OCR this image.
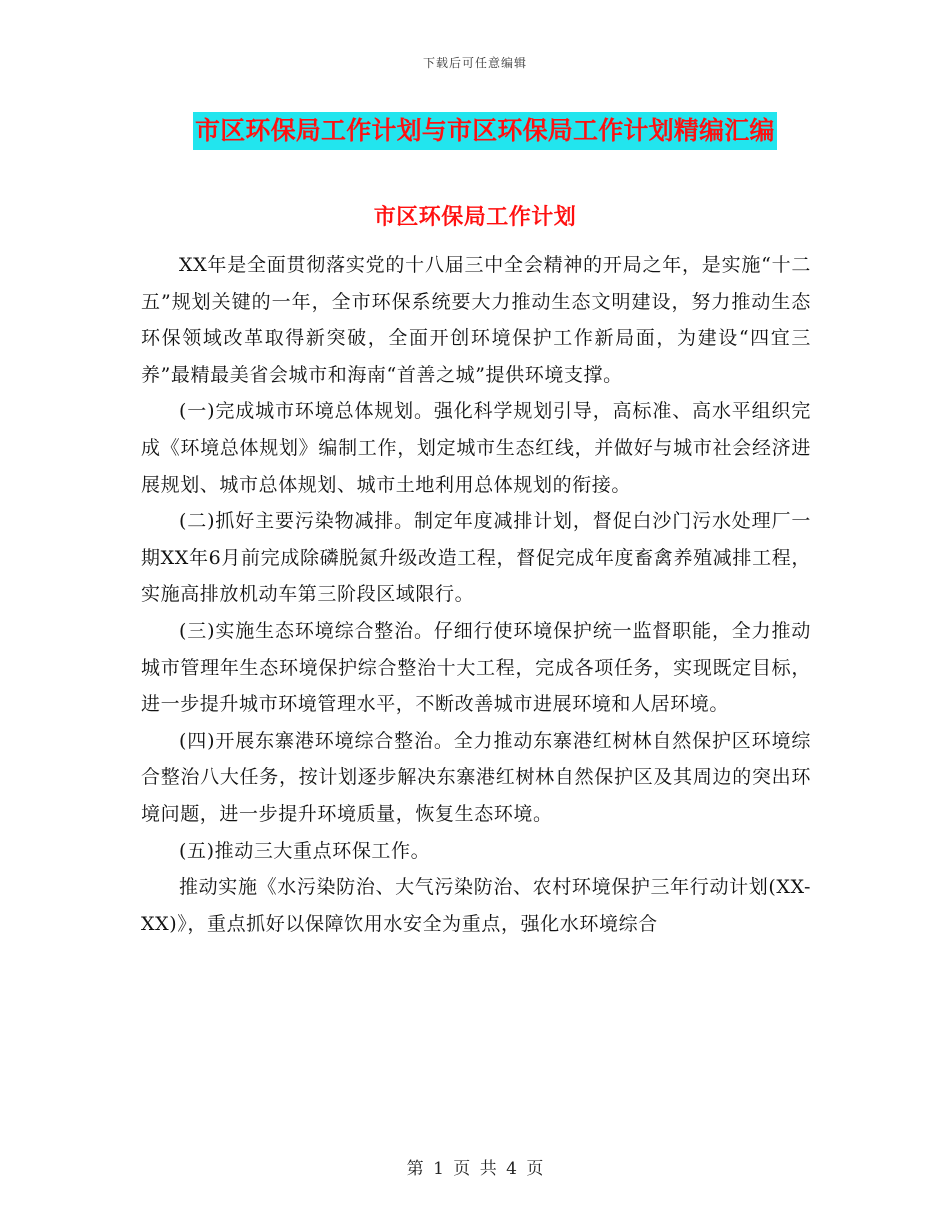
下载后可任意编辑
市区环保局工作计划与市区环保局工作计划精编汇编
市区环保局工作计划

XX年是全面贯彻落实党的十八届三中全会精神的开局之年，是实施“十二五”规划关键的一年，全市环保系统要大力推动生态文明建设，努力推动生态环保领域改革取得新突破，全面开创环境保护工作新局面，为建设“四宜三养”最精最美省会城市和海南“首善之城”提供环境支撑。

(一)完成城市环境总体规划。强化科学规划引导，高标准、高水平组织完成《环境总体规划》编制工作，划定城市生态红线，并做好与城市社会经济进展规划、城市总体规划、城市土地利用总体规划的衔接。

(二)抓好主要污染物减排。制定年度减排计划，督促白沙门污水处理厂一期XX年6月前完成除磷脱氮升级改造工程，督促完成年度畜禽养殖减排工程，实施高排放机动车第三阶段区域限行。

(三)实施生态环境综合整治。仔细行使环境保护统一监督职能，全力推动城市管理年生态环境保护综合整治十大工程，完成各项任务，实现既定目标，进一步提升城市环境管理水平，不断改善城市进展环境和人居环境。

(四)开展东寨港环境综合整治。全力推动东寨港红树林自然保护区环境综合整治八大任务，按计划逐步解决东寨港红树林自然保护区及其周边的突出环境问题，进一步提升环境质量，恢复生态环境。

(五)推动三大重点环保工作。

推动实施《水污染防治、大气污染防治、农村环境保护三年行动计划(XX-XX)》，重点抓好以保障饮用水安全为重点，强化水环境综合

第 1 页 共 4 页
